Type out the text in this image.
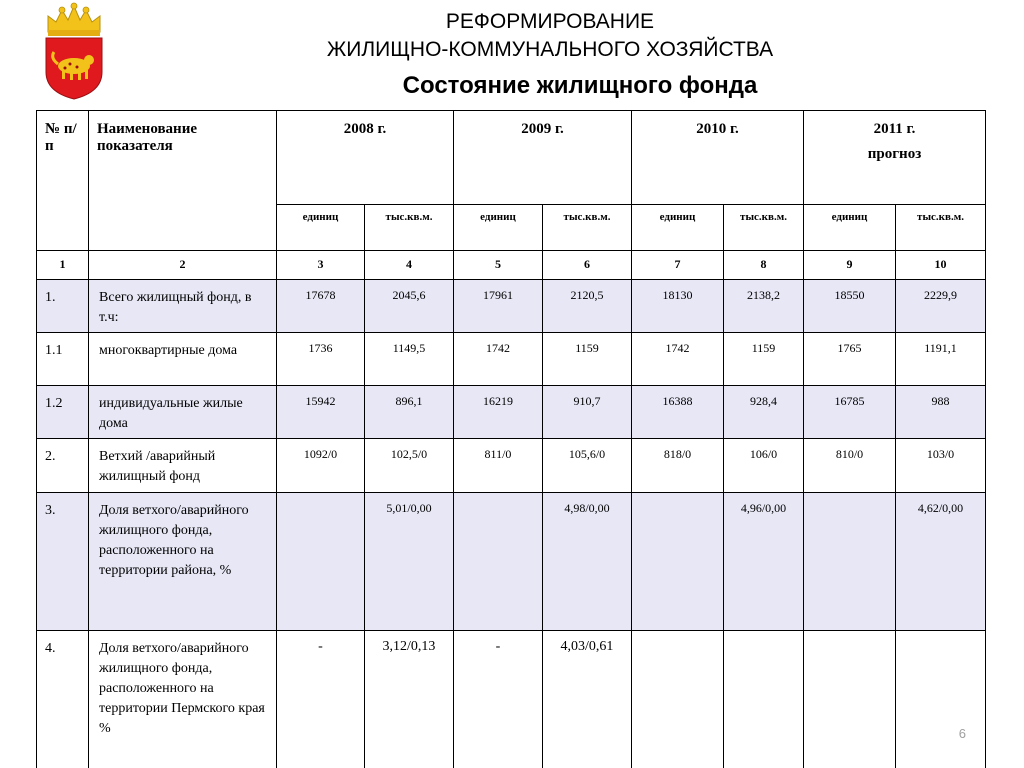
РЕФОРМИРОВАНИЕ
ЖИЛИЩНО-КОММУНАЛЬНОГО ХОЗЯЙСТВА
Состояние жилищного фонда
№ п/п	Наименование показателя	2008 г.		2009 г.		2010 г.		2011 г.
прогноз	

		единиц	тыс.кв.м.	единиц	тыс.кв.м.	единиц	тыс.кв.м.	единиц	тыс.кв.м.
1	2	3	4	5	6	7	8	9	10
1.	Всего жилищный фонд, в т.ч:	17678	2045,6	17961	2120,5	18130	2138,2	18550	2229,9
1.1	многоквартирные дома	1736	1149,5	1742	1159	1742	1159	1765	1191,1
1.2	индивидуальные жилые дома	15942	896,1	16219	910,7	16388	928,4	16785	988
2.	Ветхий /аварийный жилищный фонд	1092/0	102,5/0	811/0	105,6/0	818/0	106/0	810/0	103/0
3.	Доля ветхого/аварийного жилищного фонда, расположенного на территории района, %		5,01/0,00		4,98/0,00		4,96/0,00		4,62/0,00
4.	Доля ветхого/аварийного жилищного фонда, расположенного на территории Пермского края %	-	3,12/0,13	-	4,03/0,61				
6
